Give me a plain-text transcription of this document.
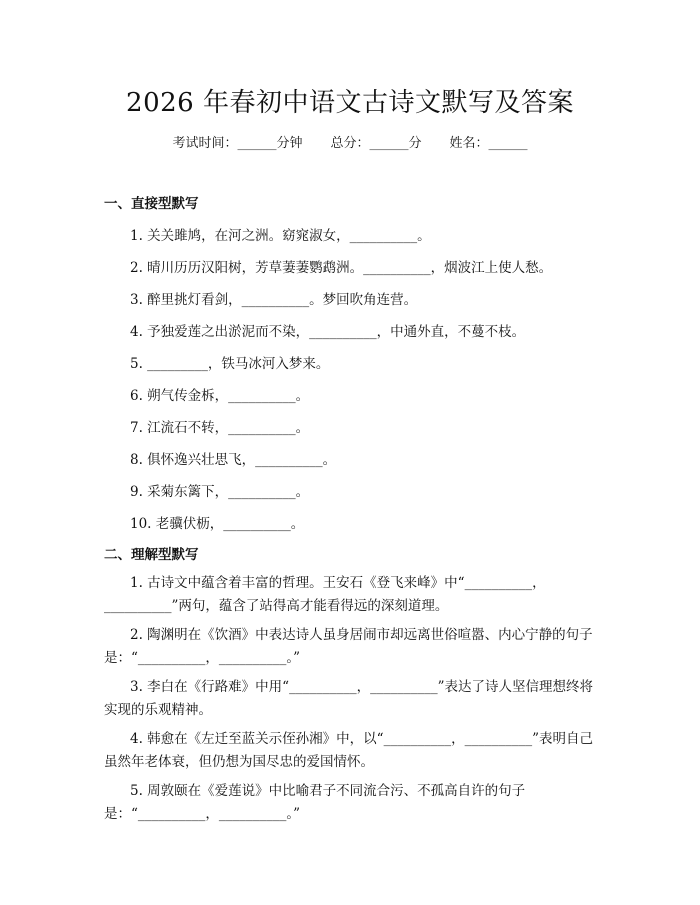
2026 年春初中语文古诗文默写及答案
考试时间：______分钟 总分：______分 姓名：______
一、直接型默写
1. 关关雎鸠，在河之洲。窈窕淑女，__________。
2. 晴川历历汉阳树，芳草萋萋鹦鹉洲。__________，烟波江上使人愁。
3. 醉里挑灯看剑，__________。梦回吹角连营。
4. 予独爱莲之出淤泥而不染，__________，中通外直，不蔓不枝。
5. _________，铁马冰河入梦来。
6. 朔气传金柝，__________。
7. 江流石不转，__________。
8. 俱怀逸兴壮思飞，__________。
9. 采菊东篱下，__________。
10. 老骥伏枥，__________。
二、理解型默写
1. 古诗文中蕴含着丰富的哲理。王安石《登飞来峰》中“__________，__________”两句，蕴含了站得高才能看得远的深刻道理。
2. 陶渊明在《饮酒》中表达诗人虽身居闹市却远离世俗喧嚣、内心宁静的句子是：“__________，__________。”
3. 李白在《行路难》中用“__________，__________”表达了诗人坚信理想终将实现的乐观精神。
4. 韩愈在《左迁至蓝关示侄孙湘》中，以“__________，__________”表明自己虽然年老体衰，但仍想为国尽忠的爱国情怀。
5. 周敦颐在《爱莲说》中比喻君子不同流合污、不孤高自许的句子是：“__________，__________。”
